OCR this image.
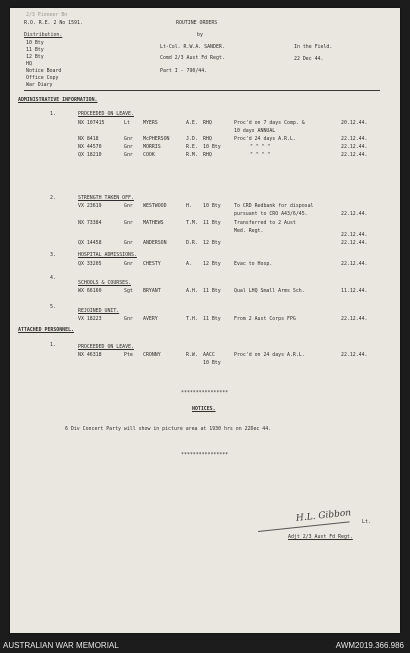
2/3 Pioneer Bn
R.O. R.E. 2 No 1591.	ROUTINE ORDERS
by
Lt-Col. R.W.A. SANDER.
Comd 2/3 Aust Fd Regt.
Part I - 790/44.
In the Field.
22 Dec 44.
Distribution.
10 Bty
11 Bty
12 Bty
HQ
Notice Board
Office Copy
War Diary
ADMINISTRATIVE INFORMATION.
1.	PROCEEDED ON LEAVE.
NX 107415	Lt	MYERS	A.E. RHQ	Proc'd on 7 days Comp. &	20.12.44.
10 days ANNUAL
NX 8418	Gnr McPHERSON	J.D. RHQ	Proc'd 24 days A.R.L.	22.12.44.
NX 44570	Gnr MORRIS	R.E. 10 Bty	" " " "	22.12.44.
QX 18210	Gnr COOK	R.M. RHQ	" " " "	22.12.44.
2.	STRENGTH TAKEN OFF.
VX 23619	Gnr WESTWOOD	H. 10 Bty	To CRD Redbank for disposal
pursuant to CRO A43/6/45.	22.12.44.
NX 73384	Gnr MATHEWS	T.M. 11 Bty	Transferred to 2 Aust
Med. Regt.
22.12.44.
QX 14458	Gnr ANDERSON	D.R. 12 Bty	22.12.44.
3.	HOSPITAL ADMISSIONS.
QX 33205	Gnr CHESTY	A. 12 Bty	Evac to Hosp.	22.12.44.
4.
SCHOOLS & COURSES.
WX 66160	Sgt BRYANT	A.H. 11 Bty	Qual LHQ Small Arms Sch.	11.12.44.
5.
REJOINED UNIT.
VX 18223	Gnr AVERY	T.H. 11 Bty	From 2 Aust Corps FPG	22.12.44.
ATTACHED PERSONNEL.
1.	PROCEEDED ON LEAVE.
NX 46318	Pte CRONNY	R.W. AACC	Proc'd on 24 days A.R.L.	22.12.44.
10 Bty
****************
NOTICES.
6 Div Concert Party will show in picture area at 1930 hrs on 22Dec 44.
****************
H.L. Gibbon Lt.
Adjt 2/3 Aust Fd Regt.
AUSTRALIAN WAR MEMORIAL	AWM2019.366.986
